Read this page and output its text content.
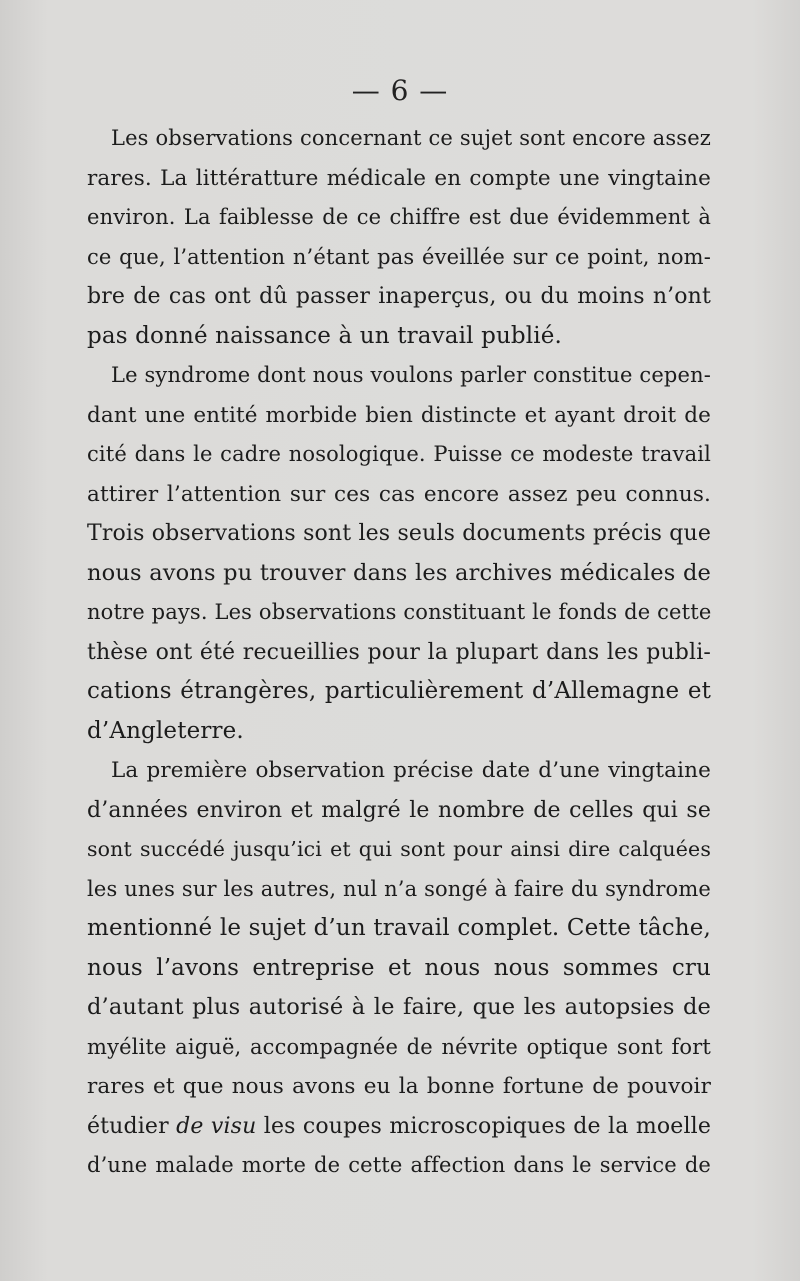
— 6 —
Les observations concernant ce sujet sont encore assez
rares. La littératture médicale en compte une vingtaine
environ. La faiblesse de ce chiffre est due évidemment à
ce que, l’attention n’étant pas éveillée sur ce point, nom-
bre de cas ont dû passer inaperçus, ou du moins n’ont
pas donné naissance à un travail publié.
Le syndrome dont nous voulons parler constitue cepen-
dant une entité morbide bien distincte et ayant droit de
cité dans le cadre nosologique. Puisse ce modeste travail
attirer l’attention sur ces cas encore assez peu connus.
Trois observations sont les seuls documents précis que
nous avons pu trouver dans les archives médicales de
notre pays. Les observations constituant le fonds de cette
thèse ont été recueillies pour la plupart dans les publi-
cations étrangères, particulièrement d’Allemagne et
d’Angleterre.
La première observation précise date d’une vingtaine
d’années environ et malgré le nombre de celles qui se
sont succédé jusqu’ici et qui sont pour ainsi dire calquées
les unes sur les autres, nul n’a songé à faire du syndrome
mentionné le sujet d’un travail complet. Cette tâche,
nous l’avons entreprise et nous nous sommes cru
d’autant plus autorisé à le faire, que les autopsies de
myélite aiguë, accompagnée de névrite optique sont fort
rares et que nous avons eu la bonne fortune de pouvoir
étudier de visu les coupes microscopiques de la moelle
d’une malade morte de cette affection dans le service de
